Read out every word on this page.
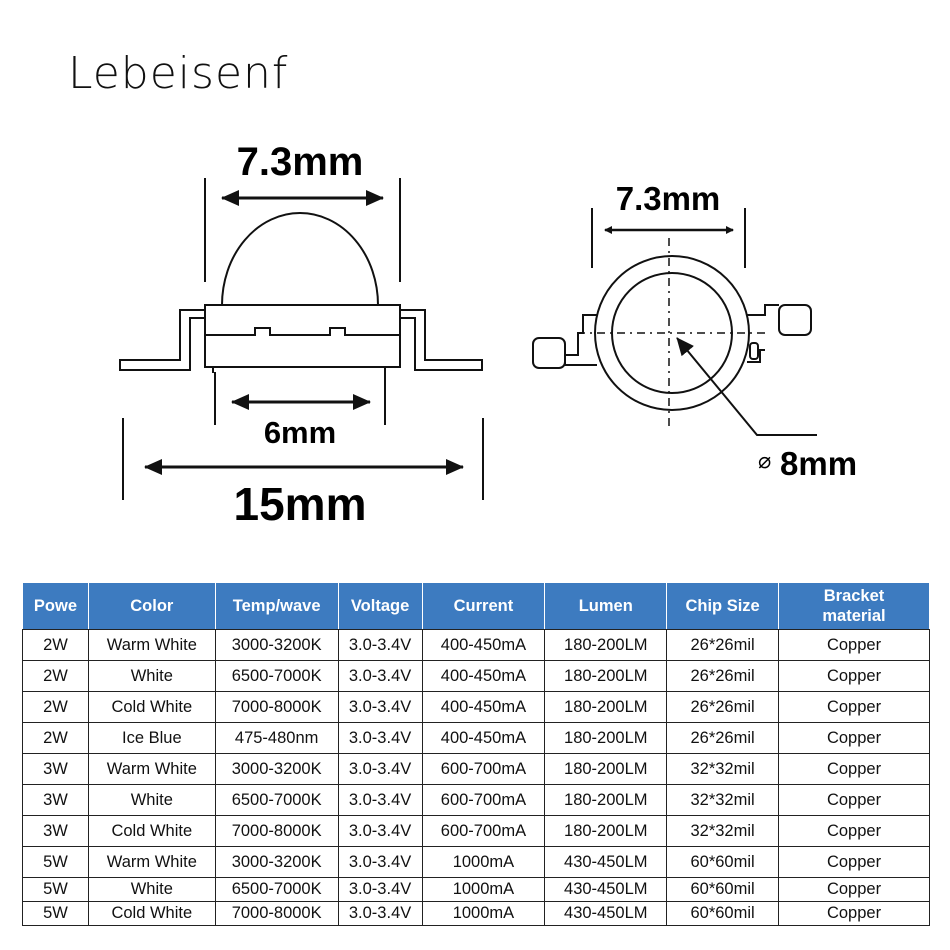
Lebeisenf
7.3mm
6mm
15mm
7.3mm
⌀ 8mm
Powe	Color	Temp/wave	Voltage	Current	Lumen	Chip Size	Bracket material
2W	Warm White	3000-3200K	3.0-3.4V	400-450mA	180-200LM	26*26mil	Copper
2W	White	6500-7000K	3.0-3.4V	400-450mA	180-200LM	26*26mil	Copper
2W	Cold White	7000-8000K	3.0-3.4V	400-450mA	180-200LM	26*26mil	Copper
2W	Ice Blue	475-480nm	3.0-3.4V	400-450mA	180-200LM	26*26mil	Copper
3W	Warm White	3000-3200K	3.0-3.4V	600-700mA	180-200LM	32*32mil	Copper
3W	White	6500-7000K	3.0-3.4V	600-700mA	180-200LM	32*32mil	Copper
3W	Cold White	7000-8000K	3.0-3.4V	600-700mA	180-200LM	32*32mil	Copper
5W	Warm White	3000-3200K	3.0-3.4V	1000mA	430-450LM	60*60mil	Copper
5W	White	6500-7000K	3.0-3.4V	1000mA	430-450LM	60*60mil	Copper
5W	Cold White	7000-8000K	3.0-3.4V	1000mA	430-450LM	60*60mil	Copper
